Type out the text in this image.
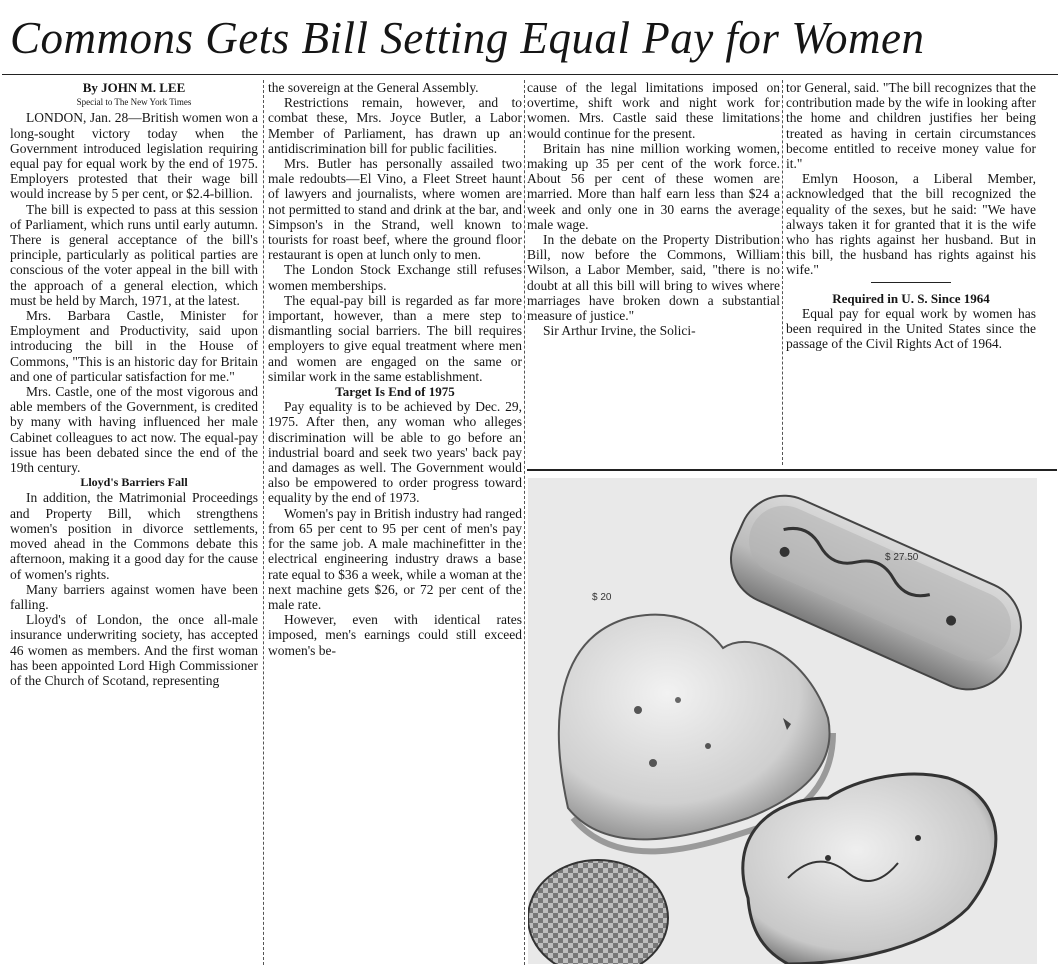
Commons Gets Bill Setting Equal Pay for Women

By JOHN M. LEE

Special to The New York Times

LONDON, Jan. 28—British women won a long-sought victory today when the Government introduced legislation requiring equal pay for equal work by the end of 1975. Employers protested that their wage bill would increase by 5 per cent, or $2.4-billion.

The bill is expected to pass at this session of Parliament, which runs until early autumn. There is general acceptance of the bill's principle, particularly as political parties are conscious of the voter appeal in the bill with the approach of a general election, which must be held by March, 1971, at the latest.

Mrs. Barbara Castle, Minister for Employment and Productivity, said upon introducing the bill in the House of Commons, "This is an historic day for Britain and one of particular satisfaction for me."

Mrs. Castle, one of the most vigorous and able members of the Government, is credited by many with having influenced her male Cabinet colleagues to act now. The equal-pay issue has been debated since the end of the 19th century.

Lloyd's Barriers Fall

In addition, the Matrimonial Proceedings and Property Bill, which strengthens women's position in divorce settlements, moved ahead in the Commons debate this afternoon, making it a good day for the cause of women's rights.

Many barriers against women have been falling.

Lloyd's of London, the once all-male insurance underwriting society, has accepted 46 women as members. And the first woman has been appointed Lord High Commissioner of the Church of Scotand, representing

the sovereign at the General Assembly.

Restrictions remain, however, and to combat these, Mrs. Joyce Butler, a Labor Member of Parliament, has drawn up an antidiscrimination bill for public facilities.

Mrs. Butler has personally assailed two male redoubts—El Vino, a Fleet Street haunt of lawyers and journalists, where women are not permitted to stand and drink at the bar, and Simpson's in the Strand, well known to tourists for roast beef, where the ground floor restaurant is open at lunch only to men.

The London Stock Exchange still refuses women memberships.

The equal-pay bill is regarded as far more important, however, than a mere step to dismantling social barriers. The bill requires employers to give equal treatment where men and women are engaged on the same or similar work in the same establishment.

Target Is End of 1975

Pay equality is to be achieved by Dec. 29, 1975. After then, any woman who alleges discrimination will be able to go before an industrial board and seek two years' back pay and damages as well. The Government would also be empowered to order progress toward equality by the end of 1973.

Women's pay in British industry had ranged from 65 per cent to 95 per cent of men's pay for the same job. A male machinefitter in the electrical engineering industry draws a base rate equal to $36 a week, while a woman at the next machine gets $26, or 72 per cent of the male rate.

However, even with identical rates imposed, men's earnings could still exceed women's be-

cause of the legal limitations imposed on overtime, shift work and night work for women. Mrs. Castle said these limitations would continue for the present.

Britain has nine million working women, making up 35 per cent of the work force. About 56 per cent of these women are married. More than half earn less than $24 a week and only one in 30 earns the average male wage.

In the debate on the Property Distribution Bill, now before the Commons, William Wilson, a Labor Member, said, "there is no doubt at all this bill will bring to wives where marriages have broken down a substantial measure of justice."

Sir Arthur Irvine, the Solici-

tor General, said. "The bill recognizes that the contribution made by the wife in looking after the home and children justifies her being treated as having in certain circumstances become entitled to receive money value for it."

Emlyn Hooson, a Liberal Member, acknowledged that the bill recognized the equality of the sexes, but he said: "We have always taken it for granted that it is the wife who has rights against her husband. But in this bill, the husband has rights against his wife."

Required in U. S. Since 1964

Equal pay for equal work by women has been required in the United States since the passage of the Civil Rights Act of 1964.

$ 20
$ 27.50
